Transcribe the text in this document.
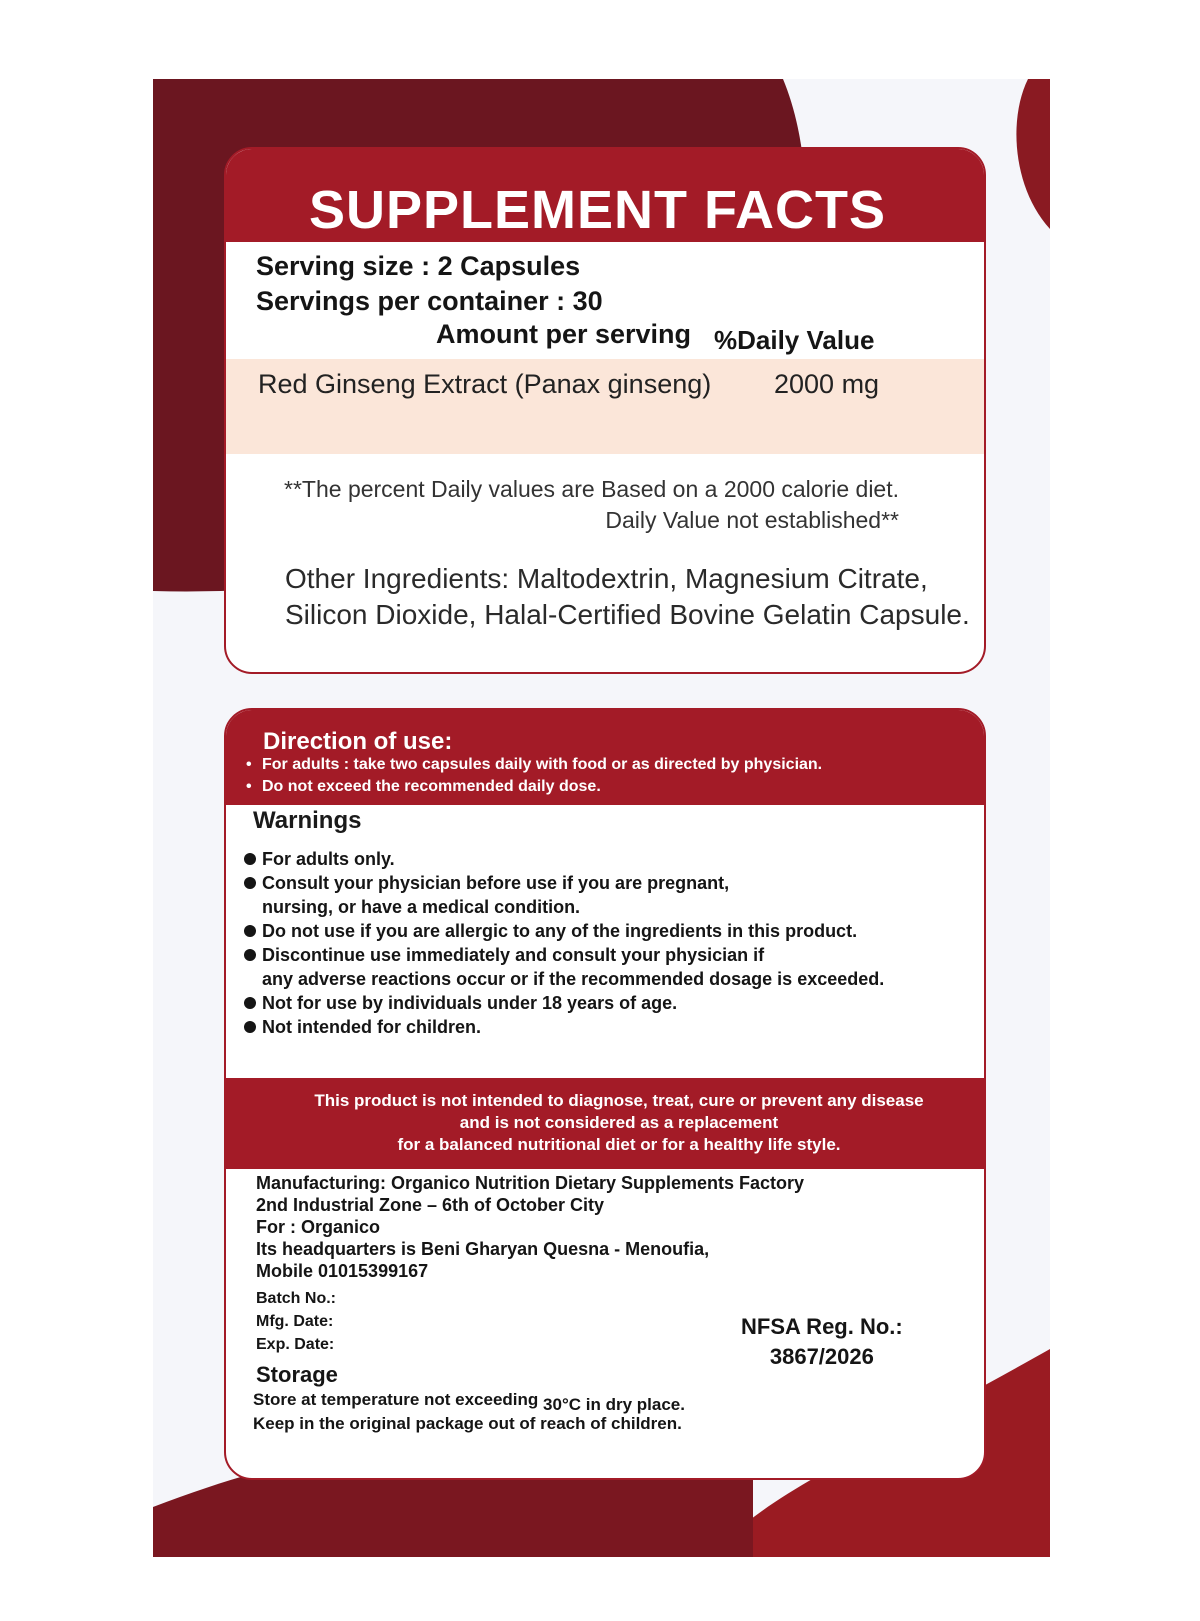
SUPPLEMENT FACTS
Serving size : 2 Capsules
Servings per container : 30
Amount per serving %Daily Value
Red Ginseng Extract (Panax ginseng) 2000 mg
**The percent Daily values are Based on a 2000 calorie diet.
Daily Value not established**
Other Ingredients: Maltodextrin, Magnesium Citrate,
Silicon Dioxide, Halal-Certified Bovine Gelatin Capsule.
Direction of use:
• For adults : take two capsules daily with food or as directed by physician.
• Do not exceed the recommended daily dose.
Warnings
For adults only.
Consult your physician before use if you are pregnant,
nursing, or have a medical condition.
Do not use if you are allergic to any of the ingredients in this product.
Discontinue use immediately and consult your physician if
any adverse reactions occur or if the recommended dosage is exceeded.
Not for use by individuals under 18 years of age.
Not intended for children.
This product is not intended to diagnose, treat, cure or prevent any disease
and is not considered as a replacement
for a balanced nutritional diet or for a healthy life style.
Manufacturing: Organico Nutrition Dietary Supplements Factory
2nd Industrial Zone – 6th of October City
For : Organico
Its headquarters is Beni Gharyan Quesna - Menoufia,
Mobile 01015399167
Batch No.:
Mfg. Date:
Exp. Date:
NFSA Reg. No.:
3867/2026
Storage
Store at temperature not exceeding 30°C in dry place.
Keep in the original package out of reach of children.
